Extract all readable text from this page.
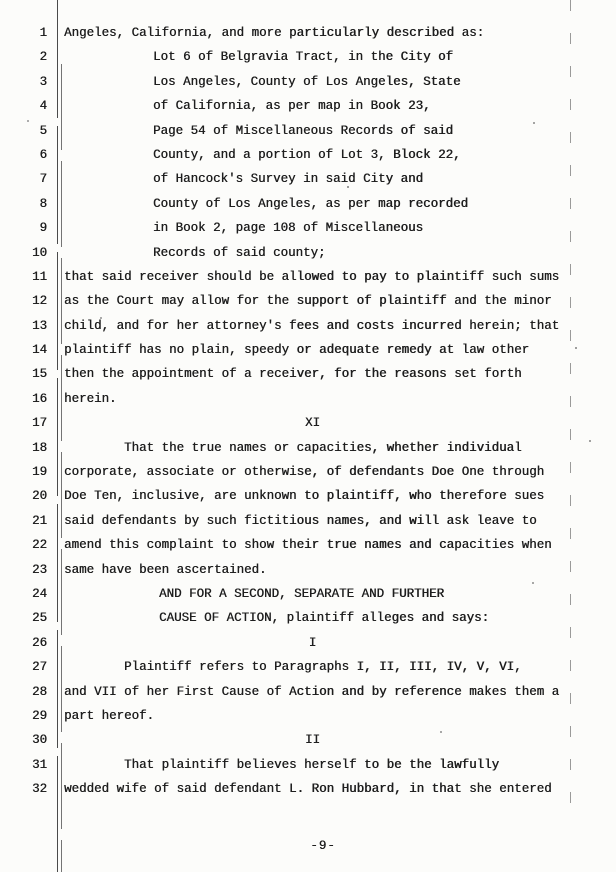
1 Angeles, California, and more particularly described as:
2	Lot 6 of Belgravia Tract, in the City of
3	Los Angeles, County of Los Angeles, State
4	of California, as per map in Book 23,
5	Page 54 of Miscellaneous Records of said
6	County, and a portion of Lot 3, Block 22,
7	of Hancock's Survey in said City and
8	County of Los Angeles, as per map recorded
9	in Book 2, page 108 of Miscellaneous
10	Records of said county;
11 that said receiver should be allowed to pay to plaintiff such sums
12 as the Court may allow for the support of plaintiff and the minor
13 child, and for her attorney's fees and costs incurred herein; that
14 plaintiff has no plain, speedy or adequate remedy at law other
15 then the appointment of a receiver, for the reasons set forth
16 herein.
17	XI
18	That the true names or capacities, whether individual
19 corporate, associate or otherwise, of defendants Doe One through
20 Doe Ten, inclusive, are unknown to plaintiff, who therefore sues
21 said defendants by such fictitious names, and will ask leave to
22 amend this complaint to show their true names and capacities when
23 same have been ascertained.
24	AND FOR A SECOND, SEPARATE AND FURTHER
25	CAUSE OF ACTION, plaintiff alleges and says:
26	I
27	Plaintiff refers to Paragraphs I, II, III, IV, V, VI,
28 and VII of her First Cause of Action and by reference makes them a
29 part hereof.
30	II
31	That plaintiff believes herself to be the lawfully
32 wedded wife of said defendant L. Ron Hubbard, in that she entered
-9-
